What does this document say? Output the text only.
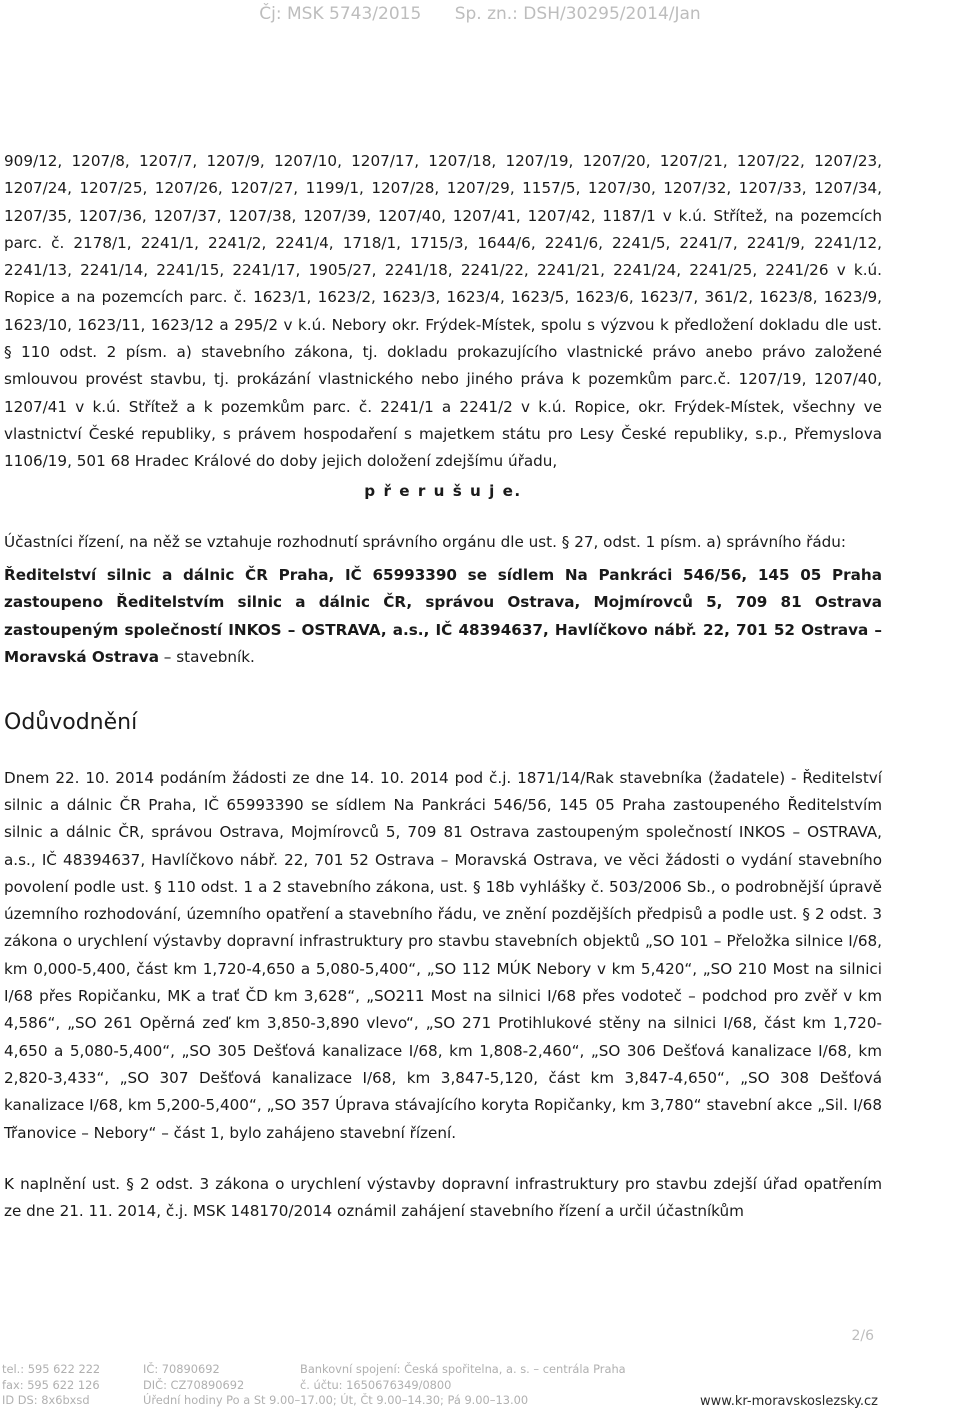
Čj: MSK 5743/2015 Sp. zn.: DSH/30295/2014/Jan

909/12, 1207/8, 1207/7, 1207/9, 1207/10, 1207/17, 1207/18, 1207/19, 1207/20, 1207/21, 1207/22, 1207/23, 1207/24, 1207/25, 1207/26, 1207/27, 1199/1, 1207/28, 1207/29, 1157/5, 1207/30, 1207/32, 1207/33, 1207/34, 1207/35, 1207/36, 1207/37, 1207/38, 1207/39, 1207/40, 1207/41, 1207/42, 1187/1 v k.ú. Střítež, na pozemcích parc. č. 2178/1, 2241/1, 2241/2, 2241/4, 1718/1, 1715/3, 1644/6, 2241/6, 2241/5, 2241/7, 2241/9, 2241/12, 2241/13, 2241/14, 2241/15, 2241/17, 1905/27, 2241/18, 2241/22, 2241/21, 2241/24, 2241/25, 2241/26 v k.ú. Ropice a na pozemcích parc. č. 1623/1, 1623/2, 1623/3, 1623/4, 1623/5, 1623/6, 1623/7, 361/2, 1623/8, 1623/9, 1623/10, 1623/11, 1623/12 a 295/2 v k.ú. Nebory okr. Frýdek-Místek, spolu s výzvou k předložení dokladu dle ust. § 110 odst. 2 písm. a) stavebního zákona, tj. dokladu prokazujícího vlastnické právo anebo právo založené smlouvou provést stavbu, tj. prokázání vlastnického nebo jiného práva k pozemkům parc.č. 1207/19, 1207/40, 1207/41 v k.ú. Střítež a k pozemkům parc. č. 2241/1 a 2241/2 v k.ú. Ropice, okr. Frýdek-Místek, všechny ve vlastnictví České republiky, s právem hospodaření s majetkem státu pro Lesy České republiky, s.p., Přemyslova 1106/19, 501 68 Hradec Králové do doby jejich doložení zdejšímu úřadu,

p ř e r u š u j e.

Účastníci řízení, na něž se vztahuje rozhodnutí správního orgánu dle ust. § 27, odst. 1 písm. a) správního řádu:

Ředitelství silnic a dálnic ČR Praha, IČ 65993390 se sídlem Na Pankráci 546/56, 145 05 Praha zastoupeno Ředitelstvím silnic a dálnic ČR, správou Ostrava, Mojmírovců 5, 709 81 Ostrava zastoupeným společností INKOS – OSTRAVA, a.s., IČ 48394637, Havlíčkovo nábř. 22, 701 52 Ostrava – Moravská Ostrava – stavebník.

Odůvodnění

Dnem 22. 10. 2014 podáním žádosti ze dne 14. 10. 2014 pod č.j. 1871/14/Rak stavebníka (žadatele) - Ředitelství silnic a dálnic ČR Praha, IČ 65993390 se sídlem Na Pankráci 546/56, 145 05 Praha zastoupeného Ředitelstvím silnic a dálnic ČR, správou Ostrava, Mojmírovců 5, 709 81 Ostrava zastoupeným společností INKOS – OSTRAVA, a.s., IČ 48394637, Havlíčkovo nábř. 22, 701 52 Ostrava – Moravská Ostrava, ve věci žádosti o vydání stavebního povolení podle ust. § 110 odst. 1 a 2 stavebního zákona, ust. § 18b vyhlášky č. 503/2006 Sb., o podrobnější úpravě územního rozhodování, územního opatření a stavebního řádu, ve znění pozdějších předpisů a podle ust. § 2 odst. 3 zákona o urychlení výstavby dopravní infrastruktury pro stavbu stavebních objektů „SO 101 – Přeložka silnice I/68, km 0,000-5,400, část km 1,720-4,650 a 5,080-5,400“, „SO 112 MÚK Nebory v km 5,420“, „SO 210 Most na silnici I/68 přes Ropičanku, MK a trať ČD km 3,628“, „SO211 Most na silnici I/68 přes vodoteč – podchod pro zvěř v km 4,586“, „SO 261 Opěrná zeď km 3,850-3,890 vlevo“, „SO 271 Protihlukové stěny na silnici I/68, část km 1,720-4,650 a 5,080-5,400“, „SO 305 Dešťová kanalizace I/68, km 1,808-2,460“, „SO 306 Dešťová kanalizace I/68, km 2,820-3,433“, „SO 307 Dešťová kanalizace I/68, km 3,847-5,120, část km 3,847-4,650“, „SO 308 Dešťová kanalizace I/68, km 5,200-5,400“, „SO 357 Úprava stávajícího koryta Ropičanky, km 3,780“ stavební akce „Sil. I/68 Třanovice – Nebory“ – část 1, bylo zahájeno stavební řízení.

K naplnění ust. § 2 odst. 3 zákona o urychlení výstavby dopravní infrastruktury pro stavbu zdejší úřad opatřením ze dne 21. 11. 2014, č.j. MSK 148170/2014 oznámil zahájení stavebního řízení a určil účastníkům

2/6
tel.: 595 622 222
fax: 595 622 126
ID DS: 8x6bxsd
IČ: 70890692
DIČ: CZ70890692
Úřední hodiny Po a St 9.00–17.00; Út, Čt 9.00–14.30; Pá 9.00–13.00
Bankovní spojení: Česká spořitelna, a. s. – centrála Praha
č. účtu: 1650676349/0800
www.kr-moravskoslezsky.cz
